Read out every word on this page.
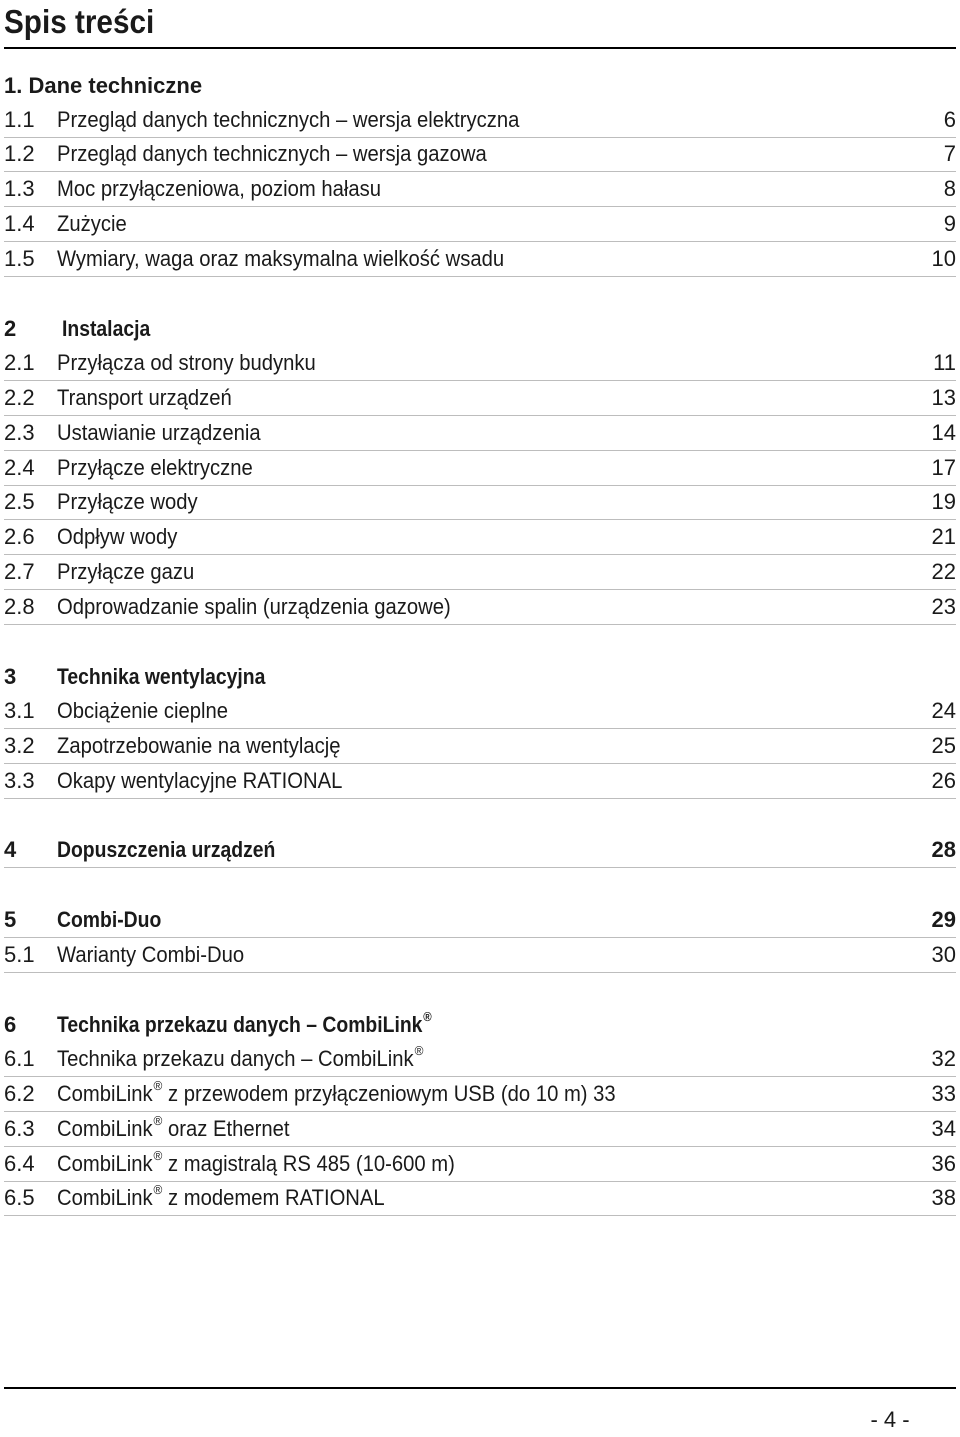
Spis treści
1. Dane techniczne
1.1 Przegląd danych technicznych – wersja elektryczna	6
1.2 Przegląd danych technicznych – wersja gazowa	7
1.3 Moc przyłączeniowa, poziom hałasu	8
1.4 Zużycie	9
1.5 Wymiary, waga oraz maksymalna wielkość wsadu	10
2 Instalacja
2.1 Przyłącza od strony budynku	11
2.2 Transport urządzeń	13
2.3 Ustawianie urządzenia	14
2.4 Przyłącze elektryczne	17
2.5 Przyłącze wody	19
2.6 Odpływ wody	21
2.7 Przyłącze gazu	22
2.8 Odprowadzanie spalin (urządzenia gazowe)	23
3 Technika wentylacyjna
3.1 Obciążenie cieplne	24
3.2 Zapotrzebowanie na wentylację	25
3.3 Okapy wentylacyjne RATIONAL	26
4 Dopuszczenia urządzeń	28
5 Combi-Duo	29
5.1 Warianty Combi-Duo	30
6 Technika przekazu danych – CombiLink®
6.1 Technika przekazu danych – CombiLink®	32
6.2 CombiLink® z przewodem przyłączeniowym USB (do 10 m) 33	33
6.3 CombiLink® oraz Ethernet	34
6.4 CombiLink® z magistralą RS 485 (10-600 m)	36
6.5 CombiLink® z modemem RATIONAL	38
- 4 -
